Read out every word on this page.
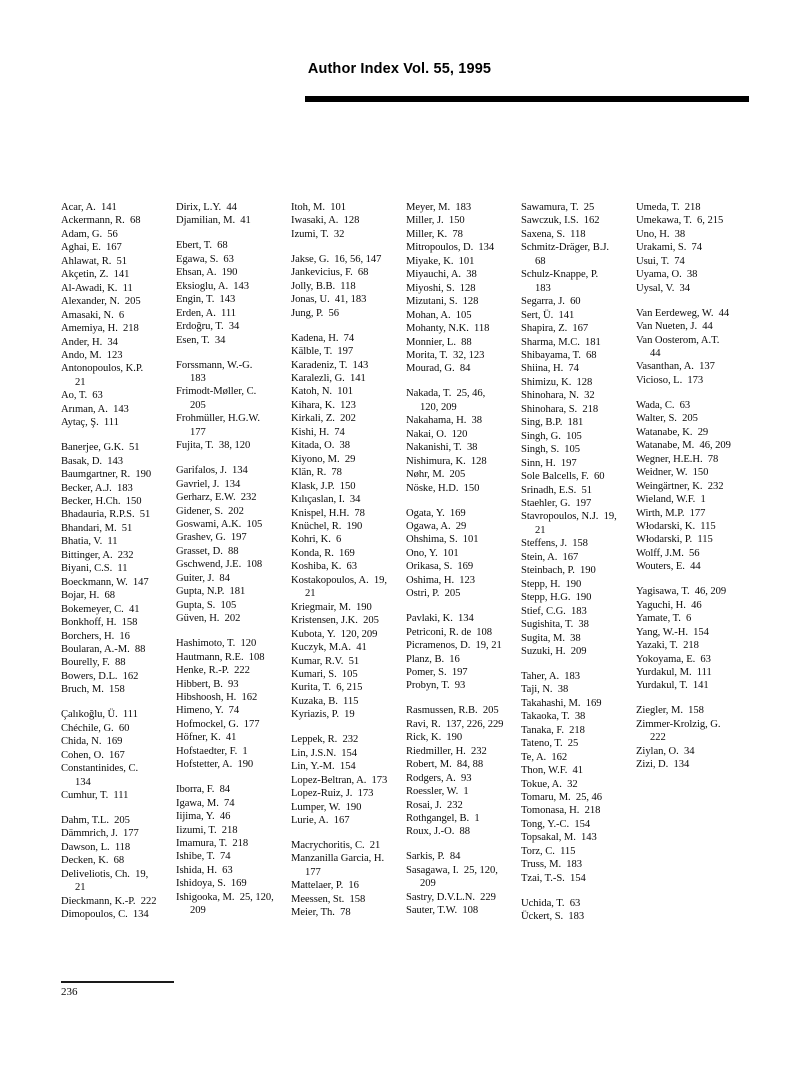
Author Index Vol. 55, 1995
Acar, A.  141
Ackermann, R.  68
Adam, G.  56
Aghai, E.  167
Ahlawat, R.  51
Akçetin, Z.  141
Al-Awadi, K.  11
Alexander, N.  205
Amasaki, N.  6
Amemiya, H.  218
Ander, H.  34
Ando, M.  123
Antonopoulos, K.P.
21
Ao, T.  63
Arıman, A.  143
Aytaç, Ş.  111
Banerjee, G.K.  51
Basak, D.  143
Baumgartner, R.  190
Becker, A.J.  183
Becker, H.Ch.  150
Bhadauria, R.P.S.  51
Bhandari, M.  51
Bhatia, V.  11
Bittinger, A.  232
Biyani, C.S.  11
Boeckmann, W.  147
Bojar, H.  68
Bokemeyer, C.  41
Bonkhoff, H.  158
Borchers, H.  16
Boularan, A.-M.  88
Bourelly, F.  88
Bowers, D.L.  162
Bruch, M.  158
Çalıkoğlu, Ü.  111
Chéchile, G.  60
Chida, N.  169
Cohen, O.  167
Constantinides, C.
134
Cumhur, T.  111
Dahm, T.L.  205
Dämmrich, J.  177
Dawson, L.  118
Decken, K.  68
Deliveliotis, Ch.  19,
21
Dieckmann, K.-P.  222
Dimopoulos, C.  134
Dirix, L.Y.  44
Djamilian, M.  41
Ebert, T.  68
Egawa, S.  63
Ehsan, A.  190
Eksioglu, A.  143
Engin, T.  143
Erden, A.  111
Erdoğru, T.  34
Esen, T.  34
Forssmann, W.-G.
183
Frimodt-Møller, C.
205
Frohmüller, H.G.W.
177
Fujita, T.  38, 120
Garifalos, J.  134
Gavriel, J.  134
Gerharz, E.W.  232
Gidener, S.  202
Goswami, A.K.  105
Grashev, G.  197
Grasset, D.  88
Gschwend, J.E.  108
Guiter, J.  84
Gupta, N.P.  181
Gupta, S.  105
Güven, H.  202
Hashimoto, T.  120
Hautmann, R.E.  108
Henke, R.-P.  222
Hibbert, B.  93
Hibshoosh, H.  162
Himeno, Y.  74
Hofmockel, G.  177
Höfner, K.  41
Hofstaedter, F.  1
Hofstetter, A.  190
Iborra, F.  84
Igawa, M.  74
Iijima, Y.  46
Iizumi, T.  218
Imamura, T.  218
Ishibe, T.  74
Ishida, H.  63
Ishidoya, S.  169
Ishigooka, M.  25, 120,
209
Itoh, M.  101
Iwasaki, A.  128
Izumi, T.  32
Jakse, G.  16, 56, 147
Jankevicius, F.  68
Jolly, B.B.  118
Jonas, U.  41, 183
Jung, P.  56
Kadena, H.  74
Kälble, T.  197
Karadeniz, T.  143
Karalezli, G.  141
Katoh, N.  101
Kihara, K.  123
Kirkali, Z.  202
Kishi, H.  74
Kitada, O.  38
Kiyono, M.  29
Klän, R.  78
Klask, J.P.  150
Kılıçaslan, I.  34
Knispel, H.H.  78
Knüchel, R.  190
Kohri, K.  6
Konda, R.  169
Koshiba, K.  63
Kostakopoulos, A.  19,
21
Kriegmair, M.  190
Kristensen, J.K.  205
Kubota, Y.  120, 209
Kuczyk, M.A.  41
Kumar, R.V.  51
Kumari, S.  105
Kurita, T.  6, 215
Kuzaka, B.  115
Kyriazis, P.  19
Leppek, R.  232
Lin, J.S.N.  154
Lin, Y.-M.  154
Lopez-Beltran, A.  173
Lopez-Ruiz, J.  173
Lumper, W.  190
Lurie, A.  167
Macrychoritis, C.  21
Manzanilla Garcia, H.
177
Mattelaer, P.  16
Meessen, St.  158
Meier, Th.  78
Meyer, M.  183
Miller, J.  150
Miller, K.  78
Mitropoulos, D.  134
Miyake, K.  101
Miyauchi, A.  38
Miyoshi, S.  128
Mizutani, S.  128
Mohan, A.  105
Mohanty, N.K.  118
Monnier, L.  88
Morita, T.  32, 123
Mourad, G.  84
Nakada, T.  25, 46,
120, 209
Nakahama, H.  38
Nakai, O.  120
Nakanishi, T.  38
Nishimura, K.  128
Nøhr, M.  205
Nöske, H.D.  150
Ogata, Y.  169
Ogawa, A.  29
Ohshima, S.  101
Ono, Y.  101
Orikasa, S.  169
Oshima, H.  123
Ostri, P.  205
Pavlaki, K.  134
Petriconi, R. de  108
Picramenos, D.  19, 21
Planz, B.  16
Pomer, S.  197
Probyn, T.  93
Rasmussen, R.B.  205
Ravi, R.  137, 226, 229
Rick, K.  190
Riedmiller, H.  232
Robert, M.  84, 88
Rodgers, A.  93
Roessler, W.  1
Rosai, J.  232
Rothgangel, B.  1
Roux, J.-O.  88
Sarkis, P.  84
Sasagawa, I.  25, 120,
209
Sastry, D.V.L.N.  229
Sauter, T.W.  108
Sawamura, T.  25
Sawczuk, I.S.  162
Saxena, S.  118
Schmitz-Dräger, B.J.
68
Schulz-Knappe, P.
183
Segarra, J.  60
Sert, Ü.  141
Shapira, Z.  167
Sharma, M.C.  181
Shibayama, T.  68
Shiina, H.  74
Shimizu, K.  128
Shinohara, N.  32
Shinohara, S.  218
Sing, B.P.  181
Singh, G.  105
Singh, S.  105
Sinn, H.  197
Sole Balcells, F.  60
Srinadh, E.S.  51
Staehler, G.  197
Stavropoulos, N.J.  19,
21
Steffens, J.  158
Stein, A.  167
Steinbach, P.  190
Stepp, H.  190
Stepp, H.G.  190
Stief, C.G.  183
Sugishita, T.  38
Sugita, M.  38
Suzuki, H.  209
Taher, A.  183
Taji, N.  38
Takahashi, M.  169
Takaoka, T.  38
Tanaka, F.  218
Tateno, T.  25
Te, A.  162
Thon, W.F.  41
Tokue, A.  32
Tomaru, M.  25, 46
Tomonasa, H.  218
Tong, Y.-C.  154
Topsakal, M.  143
Torz, C.  115
Truss, M.  183
Tzai, T.-S.  154
Uchida, T.  63
Ückert, S.  183
Umeda, T.  218
Umekawa, T.  6, 215
Uno, H.  38
Urakami, S.  74
Usui, T.  74
Uyama, O.  38
Uysal, V.  34
Van Eerdeweg, W.  44
Van Nueten, J.  44
Van Oosterom, A.T.
44
Vasanthan, A.  137
Vicioso, L.  173
Wada, C.  63
Walter, S.  205
Watanabe, K.  29
Watanabe, M.  46, 209
Wegner, H.E.H.  78
Weidner, W.  150
Weingärtner, K.  232
Wieland, W.F.  1
Wirth, M.P.  177
Włodarski, K.  115
Włodarski, P.  115
Wolff, J.M.  56
Wouters, E.  44
Yagisawa, T.  46, 209
Yaguchi, H.  46
Yamate, T.  6
Yang, W.-H.  154
Yazaki, T.  218
Yokoyama, E.  63
Yurdakul, M.  111
Yurdakul, T.  141
Ziegler, M.  158
Zimmer-Krolzig, G.
222
Ziylan, O.  34
Zizi, D.  134
236
